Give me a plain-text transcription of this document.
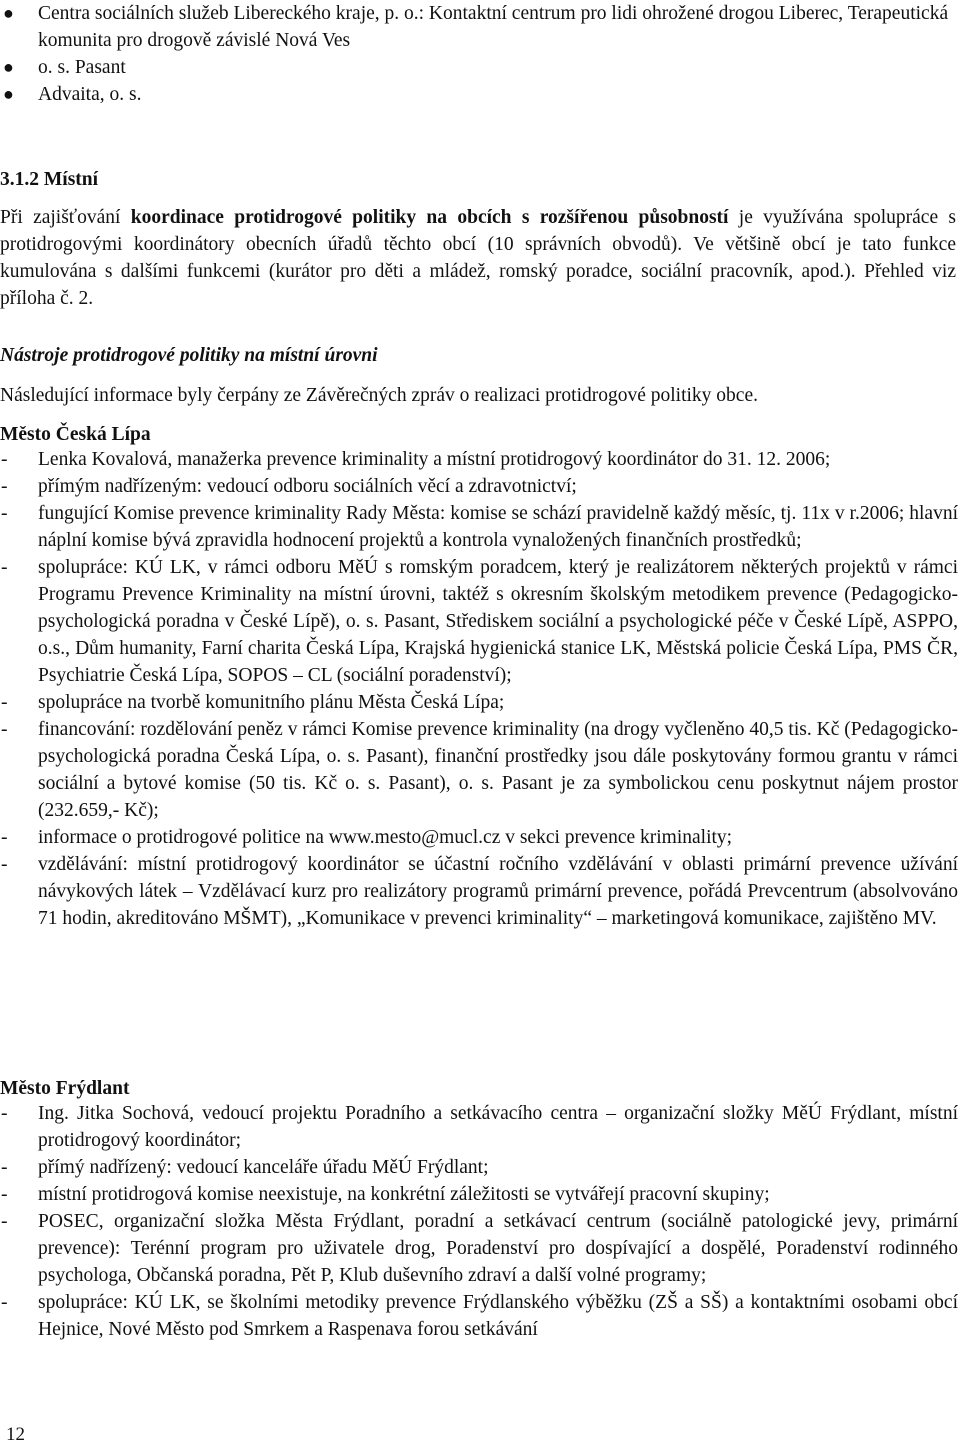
● Centra sociálních služeb Libereckého kraje, p. o.: Kontaktní centrum pro lidi ohrožené drogou Liberec, Terapeutická komunita pro drogově závislé Nová Ves
● o. s. Pasant
● Advaita, o. s.

3.1.2 Místní

Při zajišťování koordinace protidrogové politiky na obcích s rozšířenou působností je využívána spolupráce s protidrogovými koordinátory obecních úřadů těchto obcí (10 správních obvodů). Ve většině obcí je tato funkce kumulována s dalšími funkcemi (kurátor pro děti a mládež, romský poradce, sociální pracovník, apod.). Přehled viz příloha č. 2.

Nástroje protidrogové politiky na místní úrovni

Následující informace byly čerpány ze Závěrečných zpráv o realizaci protidrogové politiky obce.

Město Česká Lípa

- Lenka Kovalová, manažerka prevence kriminality a místní protidrogový koordinátor do 31. 12. 2006;
- přímým nadřízeným: vedoucí odboru sociálních věcí a zdravotnictví;
- fungující Komise prevence kriminality Rady Města: komise se schází pravidelně každý měsíc, tj. 11x v r.2006; hlavní náplní komise bývá zpravidla hodnocení projektů a kontrola vynaložených finančních prostředků;
- spolupráce: KÚ LK, v rámci odboru MěÚ s romským poradcem, který je realizátorem některých projektů v rámci Programu Prevence Kriminality na místní úrovni, taktéž s okresním školským metodikem prevence (Pedagogicko-psychologická poradna v České Lípě), o. s. Pasant, Střediskem sociální a psychologické péče v České Lípě, ASPPO, o.s., Dům humanity, Farní charita Česká Lípa, Krajská hygienická stanice LK, Městská policie Česká Lípa, PMS ČR, Psychiatrie Česká Lípa, SOPOS – CL (sociální poradenství);
- spolupráce na tvorbě komunitního plánu Města Česká Lípa;
- financování: rozdělování peněz v rámci Komise prevence kriminality (na drogy vyčleněno 40,5 tis. Kč (Pedagogicko-psychologická poradna Česká Lípa, o. s. Pasant), finanční prostředky jsou dále poskytovány formou grantu v rámci sociální a bytové komise (50 tis. Kč o. s. Pasant), o. s. Pasant je za symbolickou cenu poskytnut nájem prostor (232.659,- Kč);
- informace o protidrogové politice na www.mesto@mucl.cz v sekci prevence kriminality;
- vzdělávání: místní protidrogový koordinátor se účastní ročního vzdělávání v oblasti primární prevence užívání návykových látek – Vzdělávací kurz pro realizátory programů primární prevence, pořádá Prevcentrum (absolvováno 71 hodin, akreditováno MŠMT), „Komunikace v prevenci kriminality“ – marketingová komunikace, zajištěno MV.

Město Frýdlant

- Ing. Jitka Sochová, vedoucí projektu Poradního a setkávacího centra – organizační složky MěÚ Frýdlant, místní protidrogový koordinátor;
- přímý nadřízený: vedoucí kanceláře úřadu MěÚ Frýdlant;
- místní protidrogová komise neexistuje, na konkrétní záležitosti se vytvářejí pracovní skupiny;
- POSEC, organizační složka Města Frýdlant, poradní a setkávací centrum (sociálně patologické jevy, primární prevence): Terénní program pro uživatele drog, Poradenství pro dospívající a dospělé, Poradenství rodinného psychologa, Občanská poradna, Pět P, Klub duševního zdraví a další volné programy;
- spolupráce: KÚ LK, se školními metodiky prevence Frýdlanského výběžku (ZŠ a SŠ) a kontaktními osobami obcí Hejnice, Nové Město pod Smrkem a Raspenava forou setkávání
12
